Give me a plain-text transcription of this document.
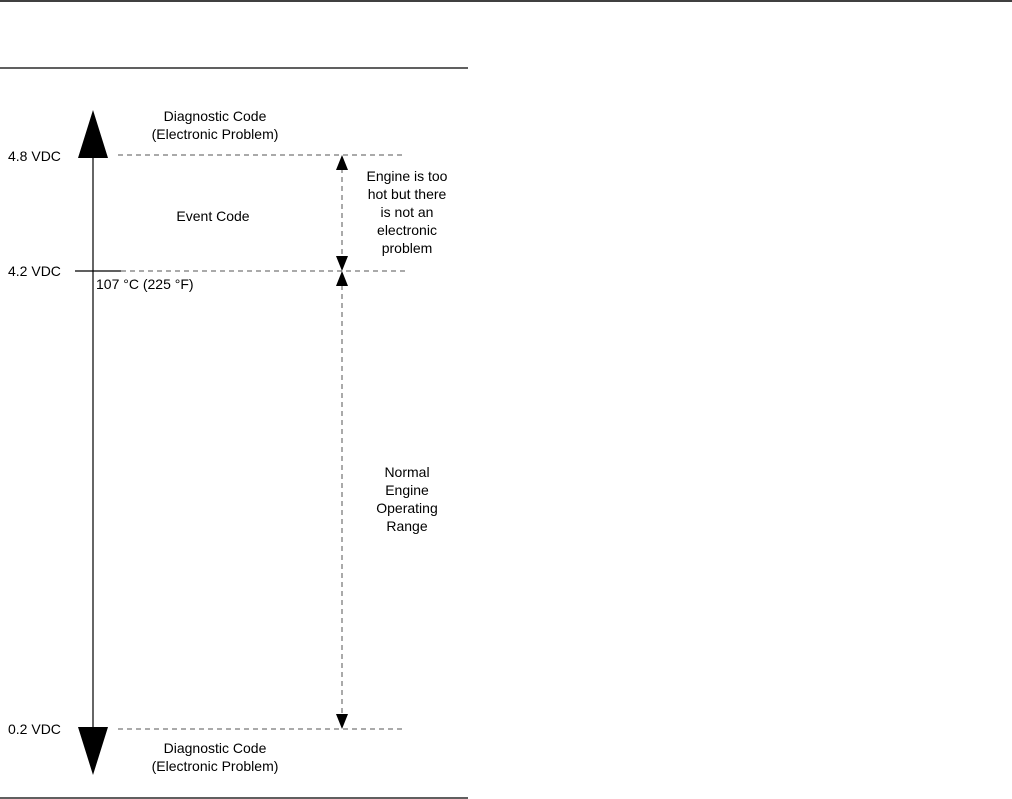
4.8 VDC
4.2 VDC
0.2 VDC
107 °C (225 °F)
Diagnostic Code
(Electronic Problem)
Event Code
Diagnostic Code
(Electronic Problem)
Engine is too
hot but there
is not an
electronic
problem
Normal
Engine
Operating
Range
